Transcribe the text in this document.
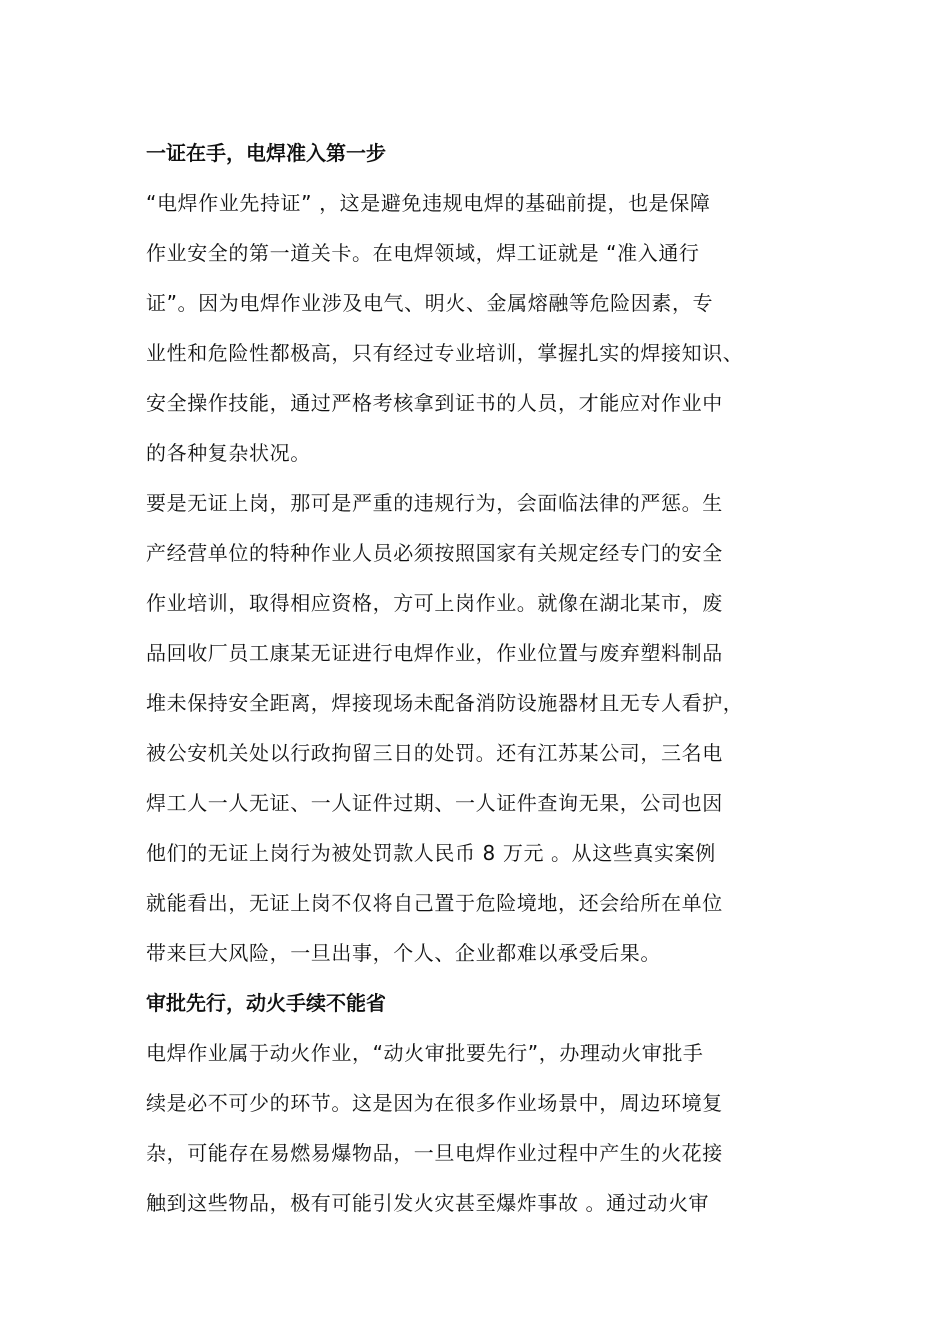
一证在手，电焊准入第一步

“电焊作业先持证” ，这是避免违规电焊的基础前提，也是保障
作业安全的第一道关卡。在电焊领域，焊工证就是 “准入通行
证”。因为电焊作业涉及电气、明火、金属熔融等危险因素，专
业性和危险性都极高，只有经过专业培训，掌握扎实的焊接知识、
安全操作技能，通过严格考核拿到证书的人员，才能应对作业中
的各种复杂状况。

要是无证上岗，那可是严重的违规行为，会面临法律的严惩。生
产经营单位的特种作业人员必须按照国家有关规定经专门的安全
作业培训，取得相应资格，方可上岗作业。就像在湖北某市，废
品回收厂员工康某无证进行电焊作业，作业位置与废弃塑料制品
堆未保持安全距离，焊接现场未配备消防设施器材且无专人看护，
被公安机关处以行政拘留三日的处罚。还有江苏某公司，三名电
焊工人一人无证、一人证件过期、一人证件查询无果，公司也因
他们的无证上岗行为被处罚款人民币 8 万元 。从这些真实案例
就能看出，无证上岗不仅将自己置于危险境地，还会给所在单位
带来巨大风险，一旦出事，个人、企业都难以承受后果。

审批先行，动火手续不能省

电焊作业属于动火作业，“动火审批要先行”，办理动火审批手
续是必不可少的环节。这是因为在很多作业场景中，周边环境复
杂，可能存在易燃易爆物品，一旦电焊作业过程中产生的火花接
触到这些物品，极有可能引发火灾甚至爆炸事故 。通过动火审
